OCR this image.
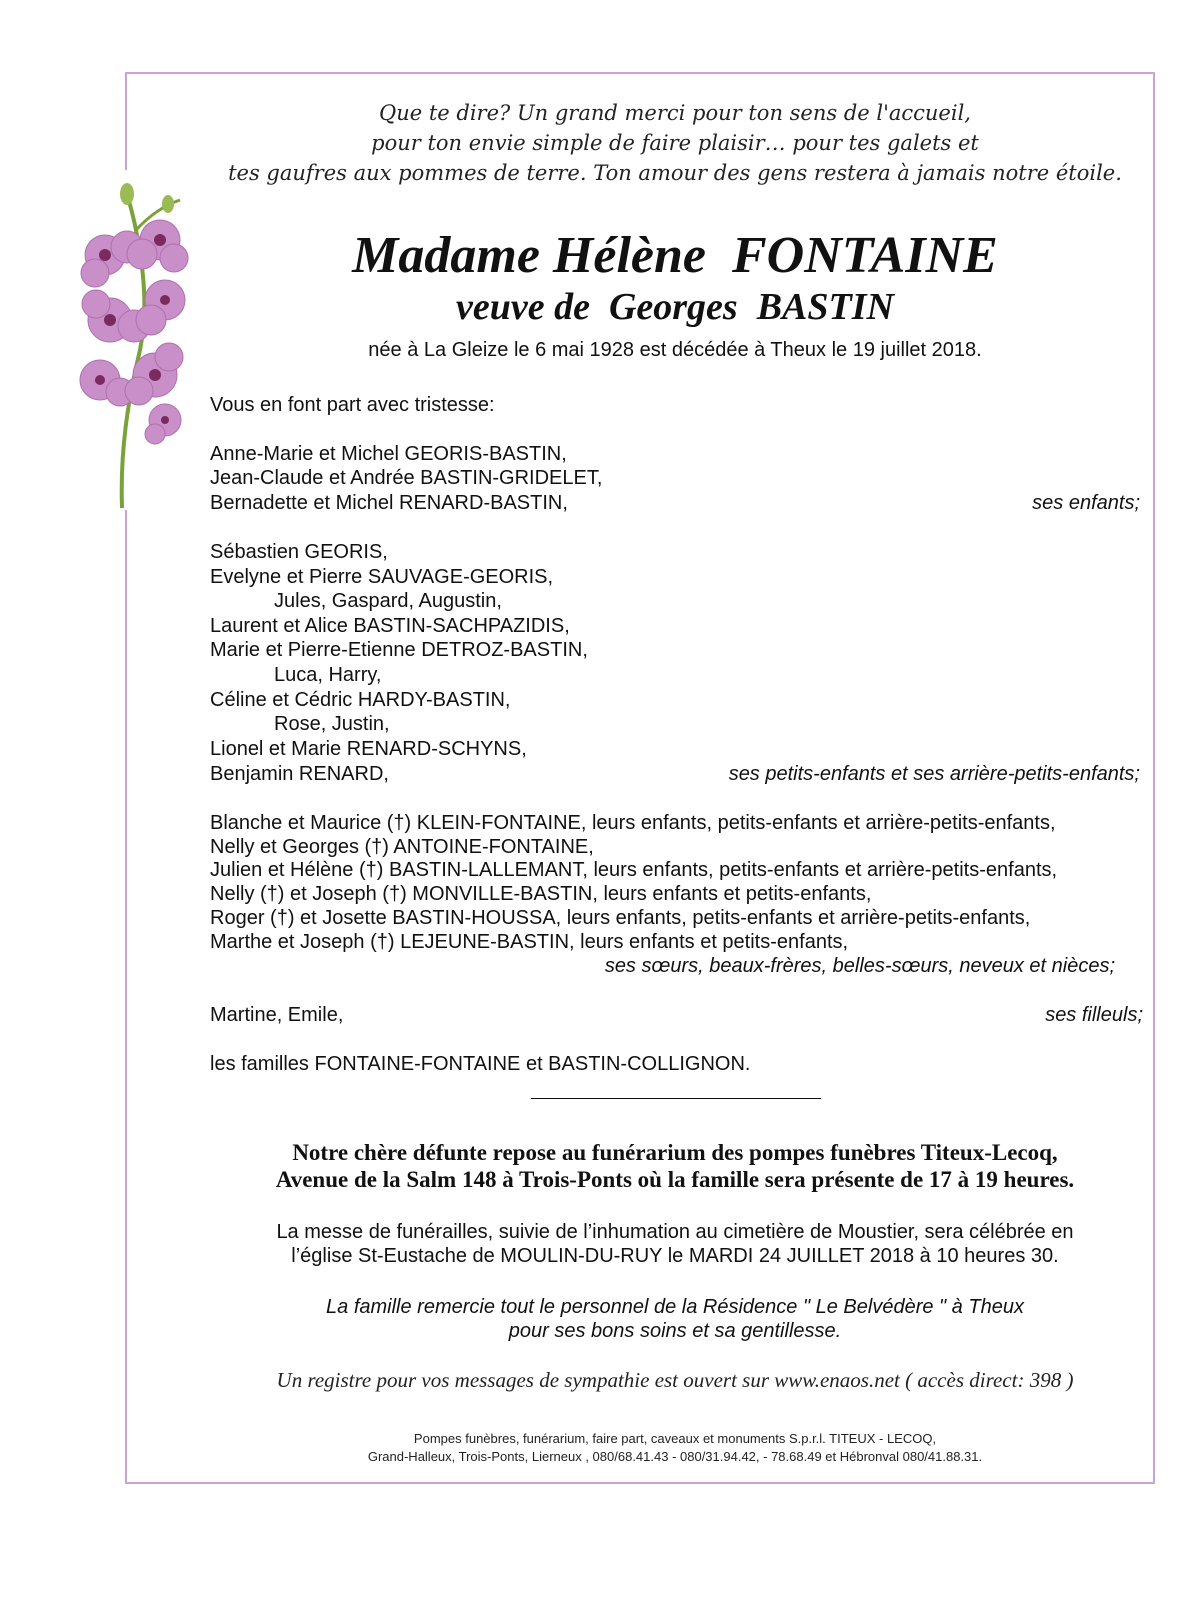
Que te dire? Un grand merci pour ton sens de l'accueil,
pour ton envie simple de faire plaisir… pour tes galets et
tes gaufres aux pommes de terre. Ton amour des gens restera à jamais notre étoile.
Madame Hélène  FONTAINE
veuve de  Georges  BASTIN
née à La Gleize le 6 mai 1928 est décédée à Theux le 19 juillet 2018.
Vous en font part avec tristesse:
Anne-Marie et Michel GEORIS-BASTIN,
Jean-Claude et Andrée BASTIN-GRIDELET,
Bernadette et Michel RENARD-BASTIN,	ses enfants;
Sébastien GEORIS,
Evelyne et Pierre SAUVAGE-GEORIS,
Jules, Gaspard, Augustin,
Laurent et Alice BASTIN-SACHPAZIDIS,
Marie et Pierre-Etienne DETROZ-BASTIN,
Luca, Harry,
Céline et Cédric HARDY-BASTIN,
Rose, Justin,
Lionel et Marie RENARD-SCHYNS,
Benjamin RENARD,	ses petits-enfants et ses arrière-petits-enfants;
Blanche et Maurice (†) KLEIN-FONTAINE, leurs enfants, petits-enfants et arrière-petits-enfants,
Nelly et Georges (†) ANTOINE-FONTAINE,
Julien et Hélène (†) BASTIN-LALLEMANT, leurs enfants, petits-enfants et arrière-petits-enfants,
Nelly (†) et Joseph (†) MONVILLE-BASTIN, leurs enfants et petits-enfants,
Roger (†) et Josette BASTIN-HOUSSA, leurs enfants, petits-enfants et arrière-petits-enfants,
Marthe et Joseph (†) LEJEUNE-BASTIN, leurs enfants et petits-enfants,
ses sœurs, beaux-frères, belles-sœurs, neveux et nièces;
Martine, Emile,	ses filleuls;
les familles FONTAINE-FONTAINE et BASTIN-COLLIGNON.
Notre chère défunte repose au funérarium des pompes funèbres Titeux-Lecoq,
Avenue de la Salm 148 à Trois-Ponts où la famille sera présente de 17 à 19 heures.
La messe de funérailles, suivie de l’inhumation au cimetière de Moustier, sera célébrée en
l’église St-Eustache de MOULIN-DU-RUY le MARDI 24 JUILLET 2018 à 10 heures 30.
La famille remercie tout le personnel de la Résidence " Le Belvédère " à Theux
pour ses bons soins et sa gentillesse.
Un registre pour vos messages de sympathie est ouvert sur www.enaos.net ( accès direct: 398 )
Pompes funèbres, funérarium, faire part, caveaux et monuments S.p.r.l. TITEUX - LECOQ,
Grand-Halleux, Trois-Ponts, Lierneux , 080/68.41.43 - 080/31.94.42, - 78.68.49 et Hébronval 080/41.88.31.
